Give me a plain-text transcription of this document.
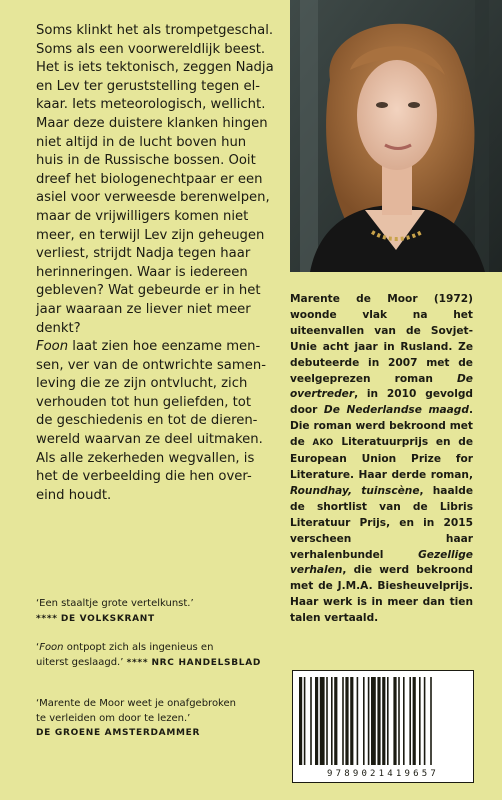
Soms klinkt het als trompetgeschal.

Soms als een voorwereldlijk beest.

Het is iets tektonisch, zeggen Nadja

en Lev ter geruststelling tegen el-

kaar. Iets meteorologisch, wellicht.

Maar deze duistere klanken hingen

niet altijd in de lucht boven hun

huis in de Russische bossen. Ooit

dreef het biologenechtpaar er een

asiel voor verweesde berenwelpen,

maar de vrijwilligers komen niet

meer, en terwijl Lev zijn geheugen

verliest, strijdt Nadja tegen haar

herinneringen. Waar is iedereen

gebleven? Wat gebeurde er in het

jaar waaraan ze liever niet meer

denkt?

Foon laat zien hoe eenzame men-

sen, ver van de ontwrichte samen-

leving die ze zijn ontvlucht, zich

verhouden tot hun geliefden, tot

de geschiedenis en tot de dieren-

wereld waarvan ze deel uitmaken.

Als alle zekerheden wegvallen, is

het de verbeelding die hen over-

eind houdt.

‘Een staaltje grote vertelkunst.’
**** DE VOLKSKRANT
‘Foon ontpopt zich als ingenieus en
uiterst geslaagd.’ **** NRC HANDELSBLAD
‘Marente de Moor weet je onafgebroken
te verleiden om door te lezen.’
DE GROENE AMSTERDAMMER

Marente de Moor (1972) woonde vlak na het uiteenvallen van de Sovjet-Unie acht jaar in Rusland. Ze debuteerde in 2007 met de veelgeprezen roman De overtreder, in 2010 gevolgd door De Nederlandse maagd. Die roman werd bekroond met de AKO Literatuurprijs en de European Union Prize for Literature. Haar derde roman, Roundhay, tuinscène, haalde de shortlist van de Libris Literatuur Prijs, en in 2015 verscheen haar verhalenbundel Gezellige verhalen, die werd bekroond met de J.M.A. Biesheuvelprijs. Haar werk is in meer dan tien talen vertaald.

9789021419657
